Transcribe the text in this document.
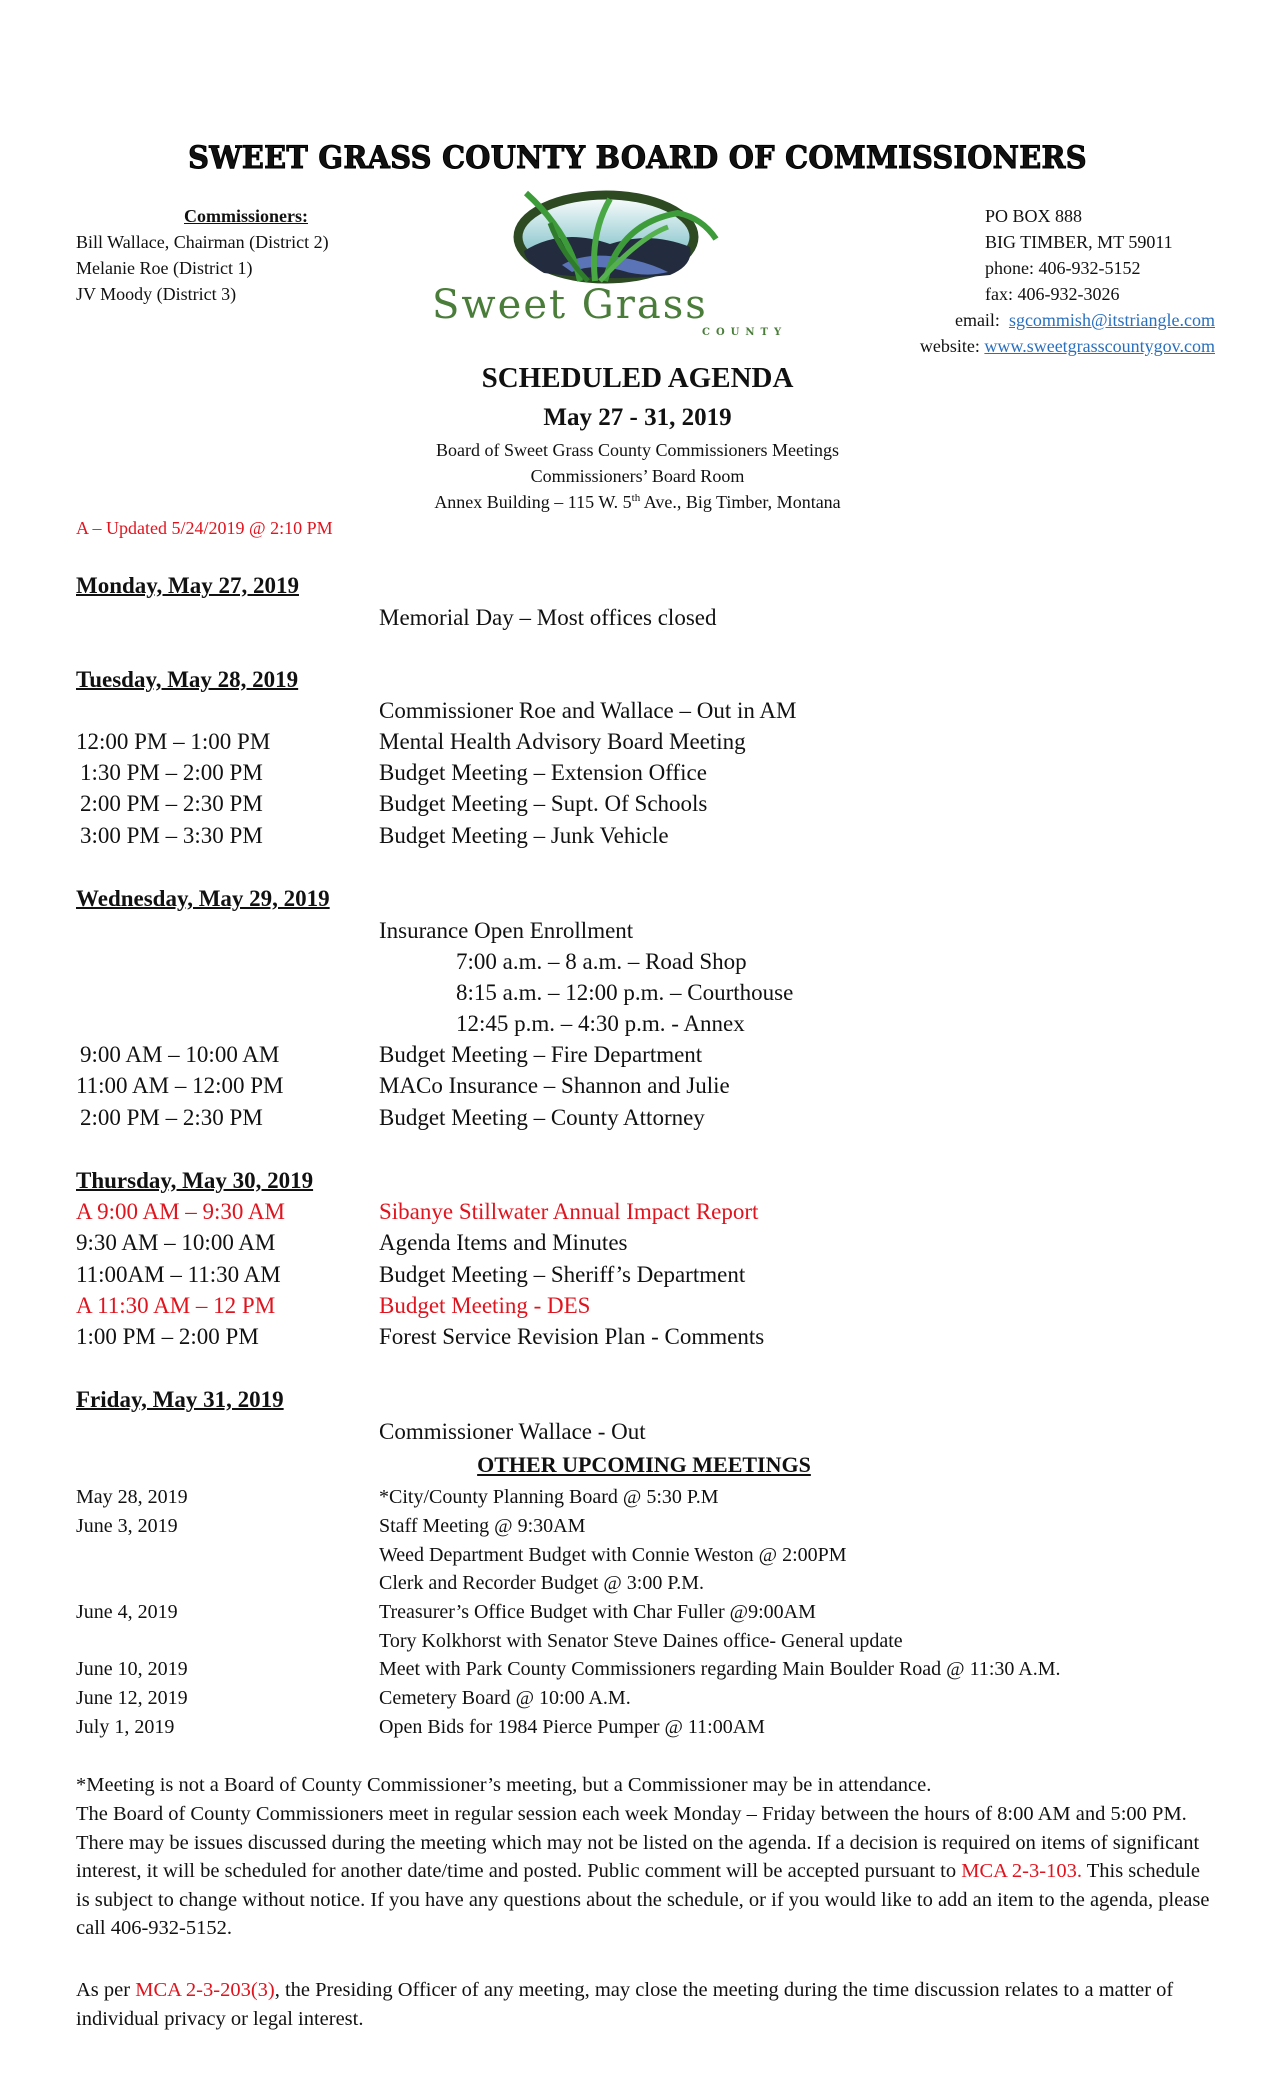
SWEET GRASS COUNTY BOARD OF COMMISSIONERS
Commissioners:
Bill Wallace, Chairman (District 2)
Melanie Roe (District 1)
JV Moody (District 3)	Sweet Grass
COUNTY
PO BOX 888
BIG TIMBER, MT 59011
phone: 406-932-5152
fax: 406-932-3026
email: sgcommish@itstriangle.com
website: www.sweetgrasscountygov.com
SCHEDULED AGENDA
May 27 - 31, 2019
Board of Sweet Grass County Commissioners Meetings
Commissioners’ Board Room
Annex Building – 115 W. 5th Ave., Big Timber, Montana
A – Updated 5/24/2019 @ 2:10 PM
Monday, May 27, 2019
Memorial Day – Most offices closed
Tuesday, May 28, 2019
Commissioner Roe and Wallace – Out in AM
12:00 PM – 1:00 PM	Mental Health Advisory Board Meeting
1:30 PM – 2:00 PM	Budget Meeting – Extension Office
2:00 PM – 2:30 PM	Budget Meeting – Supt. Of Schools
3:00 PM – 3:30 PM	Budget Meeting – Junk Vehicle
Wednesday, May 29, 2019
Insurance Open Enrollment
7:00 a.m. – 8 a.m. – Road Shop
8:15 a.m. – 12:00 p.m. – Courthouse
12:45 p.m. – 4:30 p.m. - Annex
9:00 AM – 10:00 AM	Budget Meeting – Fire Department
11:00 AM – 12:00 PM	MACo Insurance – Shannon and Julie
2:00 PM – 2:30 PM	Budget Meeting – County Attorney
Thursday, May 30, 2019
A 9:00 AM – 9:30 AM	Sibanye Stillwater Annual Impact Report
9:30 AM – 10:00 AM	Agenda Items and Minutes
11:00AM – 11:30 AM	Budget Meeting – Sheriff’s Department
A 11:30 AM – 12 PM	Budget Meeting - DES
1:00 PM – 2:00 PM	Forest Service Revision Plan - Comments
Friday, May 31, 2019
Commissioner Wallace - Out
OTHER UPCOMING MEETINGS
May 28, 2019	*City/County Planning Board @ 5:30 P.M
June 3, 2019	Staff Meeting @ 9:30AM
Weed Department Budget with Connie Weston @ 2:00PM
Clerk and Recorder Budget @ 3:00 P.M.
June 4, 2019	Treasurer’s Office Budget with Char Fuller @9:00AM
Tory Kolkhorst with Senator Steve Daines office- General update
June 10, 2019	Meet with Park County Commissioners regarding Main Boulder Road @ 11:30 A.M.
June 12, 2019	Cemetery Board @ 10:00 A.M.
July 1, 2019	Open Bids for 1984 Pierce Pumper @ 11:00AM
*Meeting is not a Board of County Commissioner’s meeting, but a Commissioner may be in attendance.
The Board of County Commissioners meet in regular session each week Monday – Friday between the hours of 8:00 AM and 5:00 PM. There may be issues discussed during the meeting which may not be listed on the agenda. If a decision is required on items of significant interest, it will be scheduled for another date/time and posted. Public comment will be accepted pursuant to MCA 2-3-103. This schedule is subject to change without notice. If you have any questions about the schedule, or if you would like to add an item to the agenda, please call 406-932-5152.
As per MCA 2-3-203(3), the Presiding Officer of any meeting, may close the meeting during the time discussion relates to a matter of individual privacy or legal interest.
